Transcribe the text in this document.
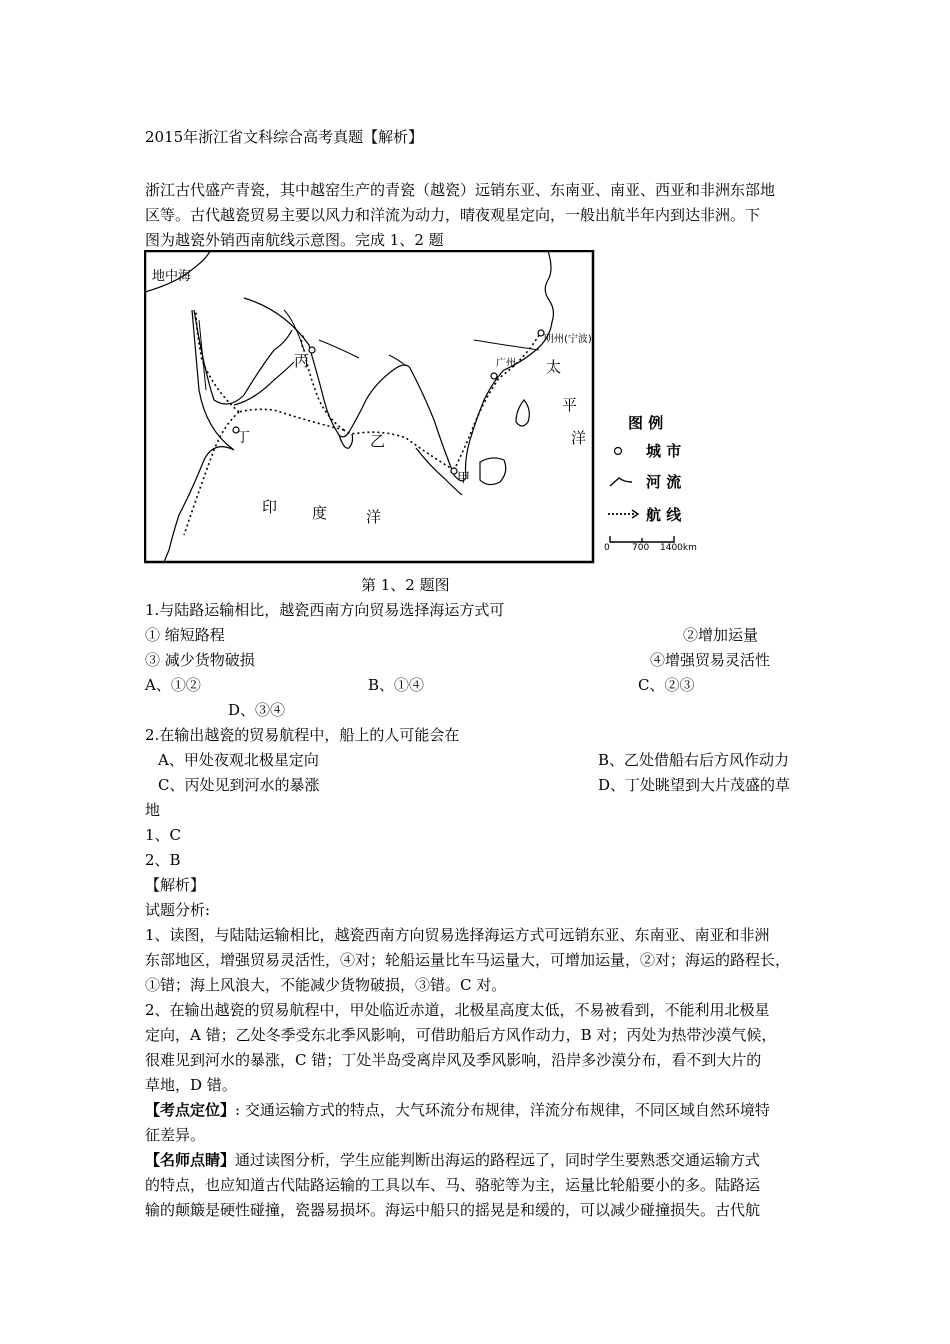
2015年浙江省文科综合高考真题【解析】
浙江古代盛产青瓷，其中越窑生产的青瓷（越瓷）远销东亚、东南亚、南亚、西亚和非洲东部地
区等。古代越瓷贸易主要以风力和洋流为动力，晴夜观星定向，一般出航半年内到达非洲。下
图为越瓷外销西南航线示意图。完成 1、2 题
地中海
明州(宁波)
广州 太
平
洋
印 度	洋
甲
乙
丙
丁
图 例
城 市
河 流
航 线
0 700 1400km
第 1、2 题图
1.与陆路运输相比，越瓷西南方向贸易选择海运方式可
① 缩短路程	②增加运量
③ 减少货物破损	④增强贸易灵活性
A、①②	B、①④	C、②③
D、③④
2.在输出越瓷的贸易航程中，船上的人可能会在
A、甲处夜观北极星定向	B、乙处借船右后方风作动力
C、丙处见到河水的暴涨	D、丁处眺望到大片茂盛的草
地
1、C
2、B
【解析】
试题分析:
1、读图，与陆陆运输相比，越瓷西南方向贸易选择海运方式可远销东亚、东南亚、南亚和非洲
东部地区，增强贸易灵活性，④对；轮船运量比车马运量大，可增加运量，②对；海运的路程长，
①错；海上风浪大，不能减少货物破损，③错。C 对。
2、在输出越瓷的贸易航程中，甲处临近赤道，北极星高度太低，不易被看到，不能利用北极星
定向，A 错；乙处冬季受东北季风影响，可借助船后方风作动力，B 对；丙处为热带沙漠气候，
很难见到河水的暴涨，C 错；丁处半岛受离岸风及季风影响，沿岸多沙漠分布，看不到大片的
草地，D 错。
【考点定位】: 交通运输方式的特点，大气环流分布规律，洋流分布规律，不同区域自然环境特
征差异。
【名师点睛】通过读图分析，学生应能判断出海运的路程远了，同时学生要熟悉交通运输方式
的特点，也应知道古代陆路运输的工具以车、马、骆驼等为主，运量比轮船要小的多。陆路运
输的颠簸是硬性碰撞，瓷器易损坏。海运中船只的摇晃是和缓的，可以减少碰撞损失。古代航
